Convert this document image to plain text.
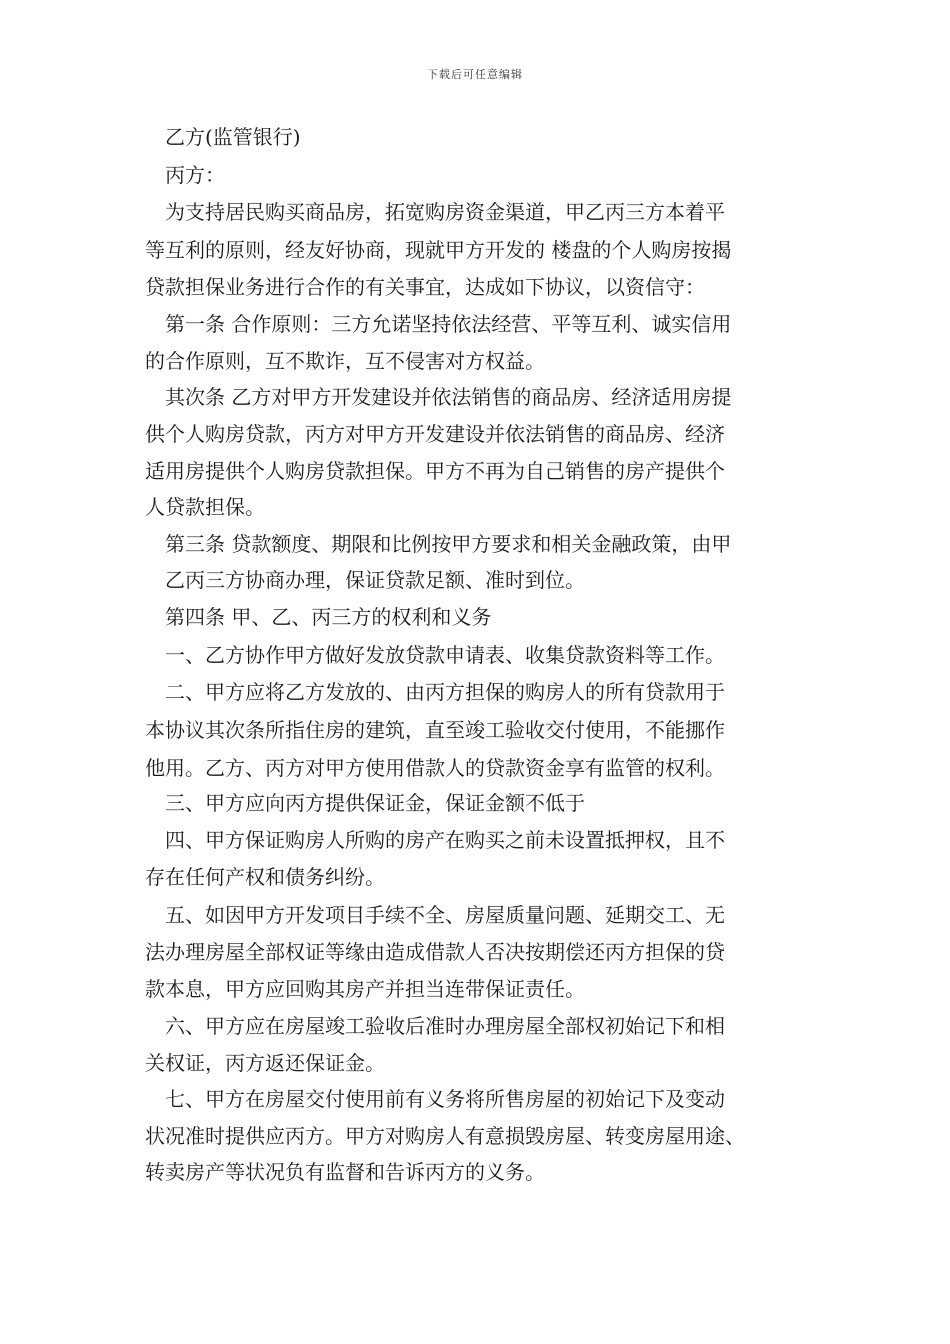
下载后可任意编辑
乙方(监管银行)
丙方：
为支持居民购买商品房，拓宽购房资金渠道，甲乙丙三方本着平
等互利的原则，经友好协商，现就甲方开发的 楼盘的个人购房按揭
贷款担保业务进行合作的有关事宜，达成如下协议，以资信守：
第一条 合作原则：三方允诺坚持依法经营、平等互利、诚实信用
的合作原则，互不欺诈，互不侵害对方权益。
其次条 乙方对甲方开发建设并依法销售的商品房、经济适用房提
供个人购房贷款，丙方对甲方开发建设并依法销售的商品房、经济
适用房提供个人购房贷款担保。甲方不再为自己销售的房产提供个
人贷款担保。
第三条 贷款额度、期限和比例按甲方要求和相关金融政策，由甲
乙丙三方协商办理，保证贷款足额、准时到位。
第四条 甲、乙、丙三方的权利和义务
一、乙方协作甲方做好发放贷款申请表、收集贷款资料等工作。
二、甲方应将乙方发放的、由丙方担保的购房人的所有贷款用于
本协议其次条所指住房的建筑，直至竣工验收交付使用，不能挪作
他用。乙方、丙方对甲方使用借款人的贷款资金享有监管的权利。
三、甲方应向丙方提供保证金，保证金额不低于
四、甲方保证购房人所购的房产在购买之前未设置抵押权，且不
存在任何产权和债务纠纷。
五、如因甲方开发项目手续不全、房屋质量问题、延期交工、无
法办理房屋全部权证等缘由造成借款人否决按期偿还丙方担保的贷
款本息，甲方应回购其房产并担当连带保证责任。
六、甲方应在房屋竣工验收后准时办理房屋全部权初始记下和相
关权证，丙方返还保证金。
七、甲方在房屋交付使用前有义务将所售房屋的初始记下及变动
状况准时提供应丙方。甲方对购房人有意损毁房屋、转变房屋用途、
转卖房产等状况负有监督和告诉丙方的义务。
